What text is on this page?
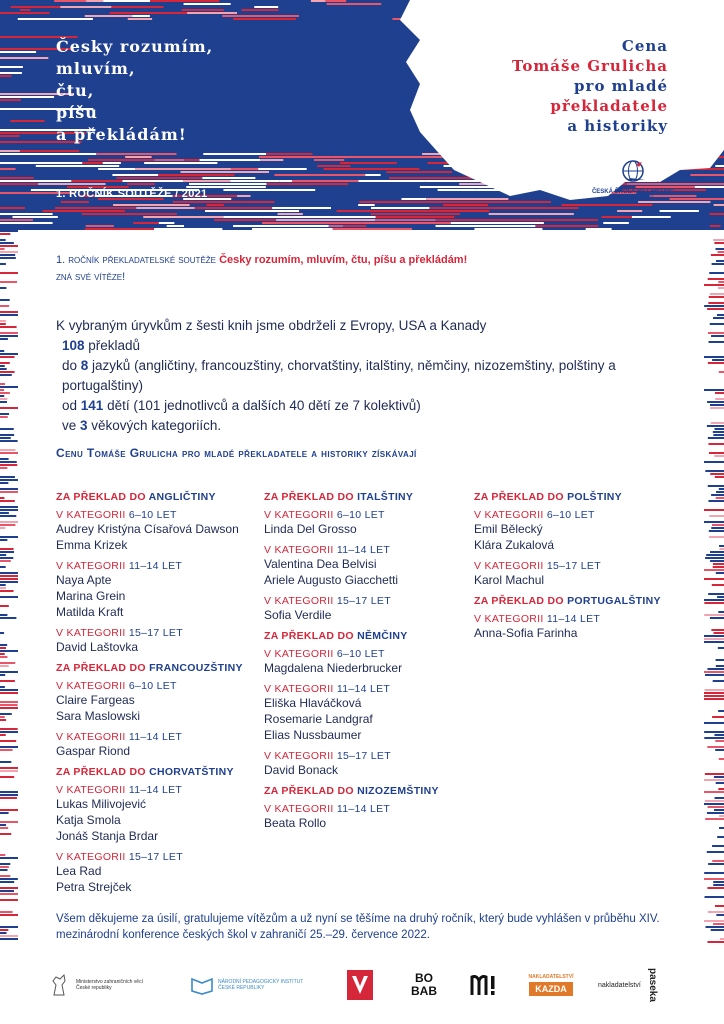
Česky rozumím,
mluvím,
čtu,
píšu
a překládám!
1. ROČNÍK SOUTĚŽE / 2021
Cena
Tomáše Grulicha
pro mladé
překladatele
a historiky
ČESKÁ ŠKOLA BEZ HRANIC
Česká diaspora
1. ročník překladatelské soutěže Česky rozumím, mluvím, čtu, píšu a překládám!
zná své vítěze!
K vybraným úryvkům z šesti knih jsme obdrželi z Evropy, USA a Kanady
108 překladů
do 8 jazyků (angličtiny, francouzštiny, chorvatštiny, italštiny, němčiny, nizozemštiny, polštiny a portugalštiny)
od 141 dětí (101 jednotlivců a dalších 40 dětí ze 7 kolektivů)
ve 3 věkových kategoriích.
Cenu Tomáše Grulicha pro mladé překladatele a historiky získávají
ZA PŘEKLAD DO ANGLIČTINY
V KATEGORII 6–10 LET
Audrey Kristýna Císařová Dawson
Emma Krizek
V KATEGORII 11–14 LET
Naya Apte
Marina Grein
Matilda Kraft
V KATEGORII 15–17 LET
David Laštovka
ZA PŘEKLAD DO FRANCOUZŠTINY
V KATEGORII 6–10 LET
Claire Fargeas
Sara Maslowski
V KATEGORII 11–14 LET
Gaspar Riond
ZA PŘEKLAD DO CHORVATŠTINY
V KATEGORII 11–14 LET
Lukas Milivojević
Katja Smola
Jonáš Stanja Brdar
V KATEGORII 15–17 LET
Lea Rad
Petra Strejček
ZA PŘEKLAD DO ITALŠTINY
V KATEGORII 6–10 LET
Linda Del Grosso
V KATEGORII 11–14 LET
Valentina Dea Belvisi
Ariele Augusto Giacchetti
V KATEGORII 15–17 LET
Sofia Verdile
ZA PŘEKLAD DO NĚMČINY
V KATEGORII 6–10 LET
Magdalena Niederbrucker
V KATEGORII 11–14 LET
Eliška Hlaváčková
Rosemarie Landgraf
Elias Nussbaumer
V KATEGORII 15–17 LET
David Bonack
ZA PŘEKLAD DO NIZOZEMŠTINY
V KATEGORII 11–14 LET
Beata Rollo
ZA PŘEKLAD DO POLŠTINY
V KATEGORII 6–10 LET
Emil Bělecký
Klára Zukalová
V KATEGORII 15–17 LET
Karol Machul
ZA PŘEKLAD DO PORTUGALŠTINY
V KATEGORII 11–14 LET
Anna-Sofia Farinha
Všem děkujeme za úsilí, gratulujeme vítězům a už nyní se těšíme na druhý ročník, který bude vyhlášen v průběhu XIV. mezinárodní konference českých škol v zahraničí 25.–29. července 2022.
Ministerstvo zahraničních věcí České republiky
NÁRODNÍ PEDAGOGICKÝ INSTITUT ČESKÉ REPUBLIKY
BO
BAB
NAKLADATELSTVÍ
KAZDA	nakladatelství paseka
